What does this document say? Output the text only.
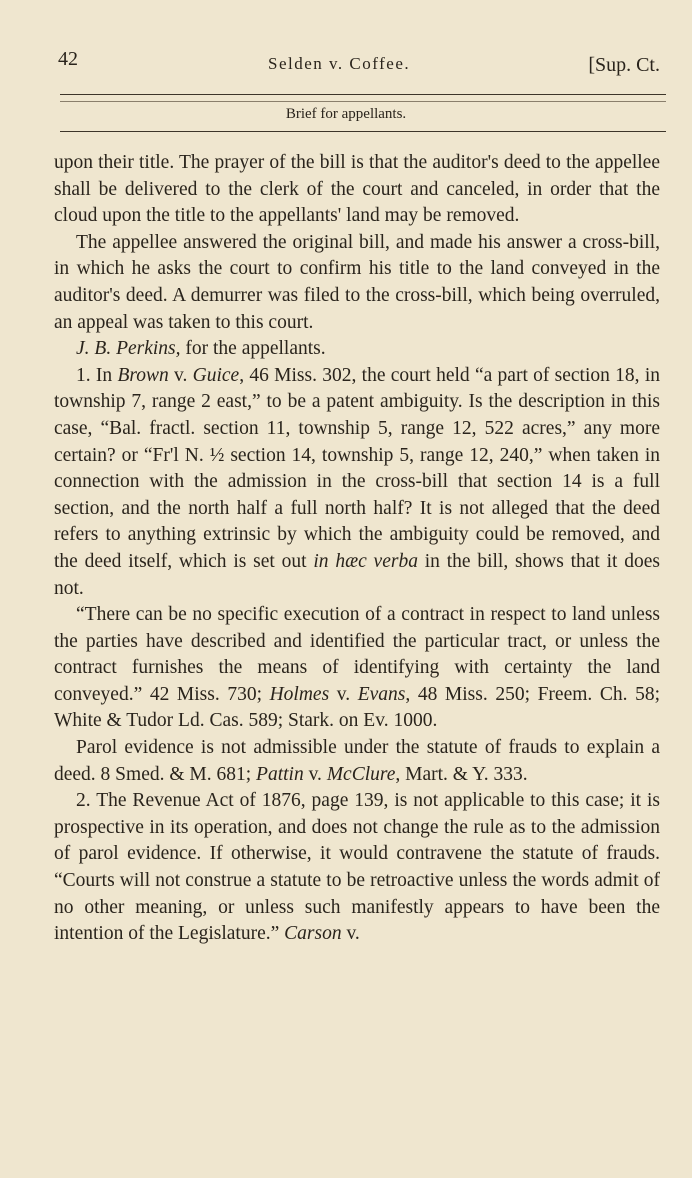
42	Selden v. Coffee.	[Sup. Ct.
Brief for appellants.

upon their title. The prayer of the bill is that the auditor's deed to the appellee shall be delivered to the clerk of the court and canceled, in order that the cloud upon the title to the appellants' land may be removed.

The appellee answered the original bill, and made his answer a cross-bill, in which he asks the court to confirm his title to the land conveyed in the auditor's deed. A demurrer was filed to the cross-bill, which being overruled, an appeal was taken to this court.

J. B. Perkins, for the appellants.

1. In Brown v. Guice, 46 Miss. 302, the court held “a part of section 18, in township 7, range 2 east,” to be a patent ambiguity. Is the description in this case, “Bal. fractl. section 11, township 5, range 12, 522 acres,” any more certain? or “Fr'l N. ½ section 14, township 5, range 12, 240,” when taken in connection with the admission in the cross-bill that section 14 is a full section, and the north half a full north half? It is not alleged that the deed refers to anything extrinsic by which the ambiguity could be removed, and the deed itself, which is set out in hæc verba in the bill, shows that it does not.

“There can be no specific execution of a contract in respect to land unless the parties have described and identified the particular tract, or unless the contract furnishes the means of identifying with certainty the land conveyed.” 42 Miss. 730; Holmes v. Evans, 48 Miss. 250; Freem. Ch. 58; White & Tudor Ld. Cas. 589; Stark. on Ev. 1000.

Parol evidence is not admissible under the statute of frauds to explain a deed. 8 Smed. & M. 681; Pattin v. McClure, Mart. & Y. 333.

2. The Revenue Act of 1876, page 139, is not applicable to this case; it is prospective in its operation, and does not change the rule as to the admission of parol evidence. If otherwise, it would contravene the statute of frauds. “Courts will not construe a statute to be retroactive unless the words admit of no other meaning, or unless such manifestly appears to have been the intention of the Legislature.” Carson v.
